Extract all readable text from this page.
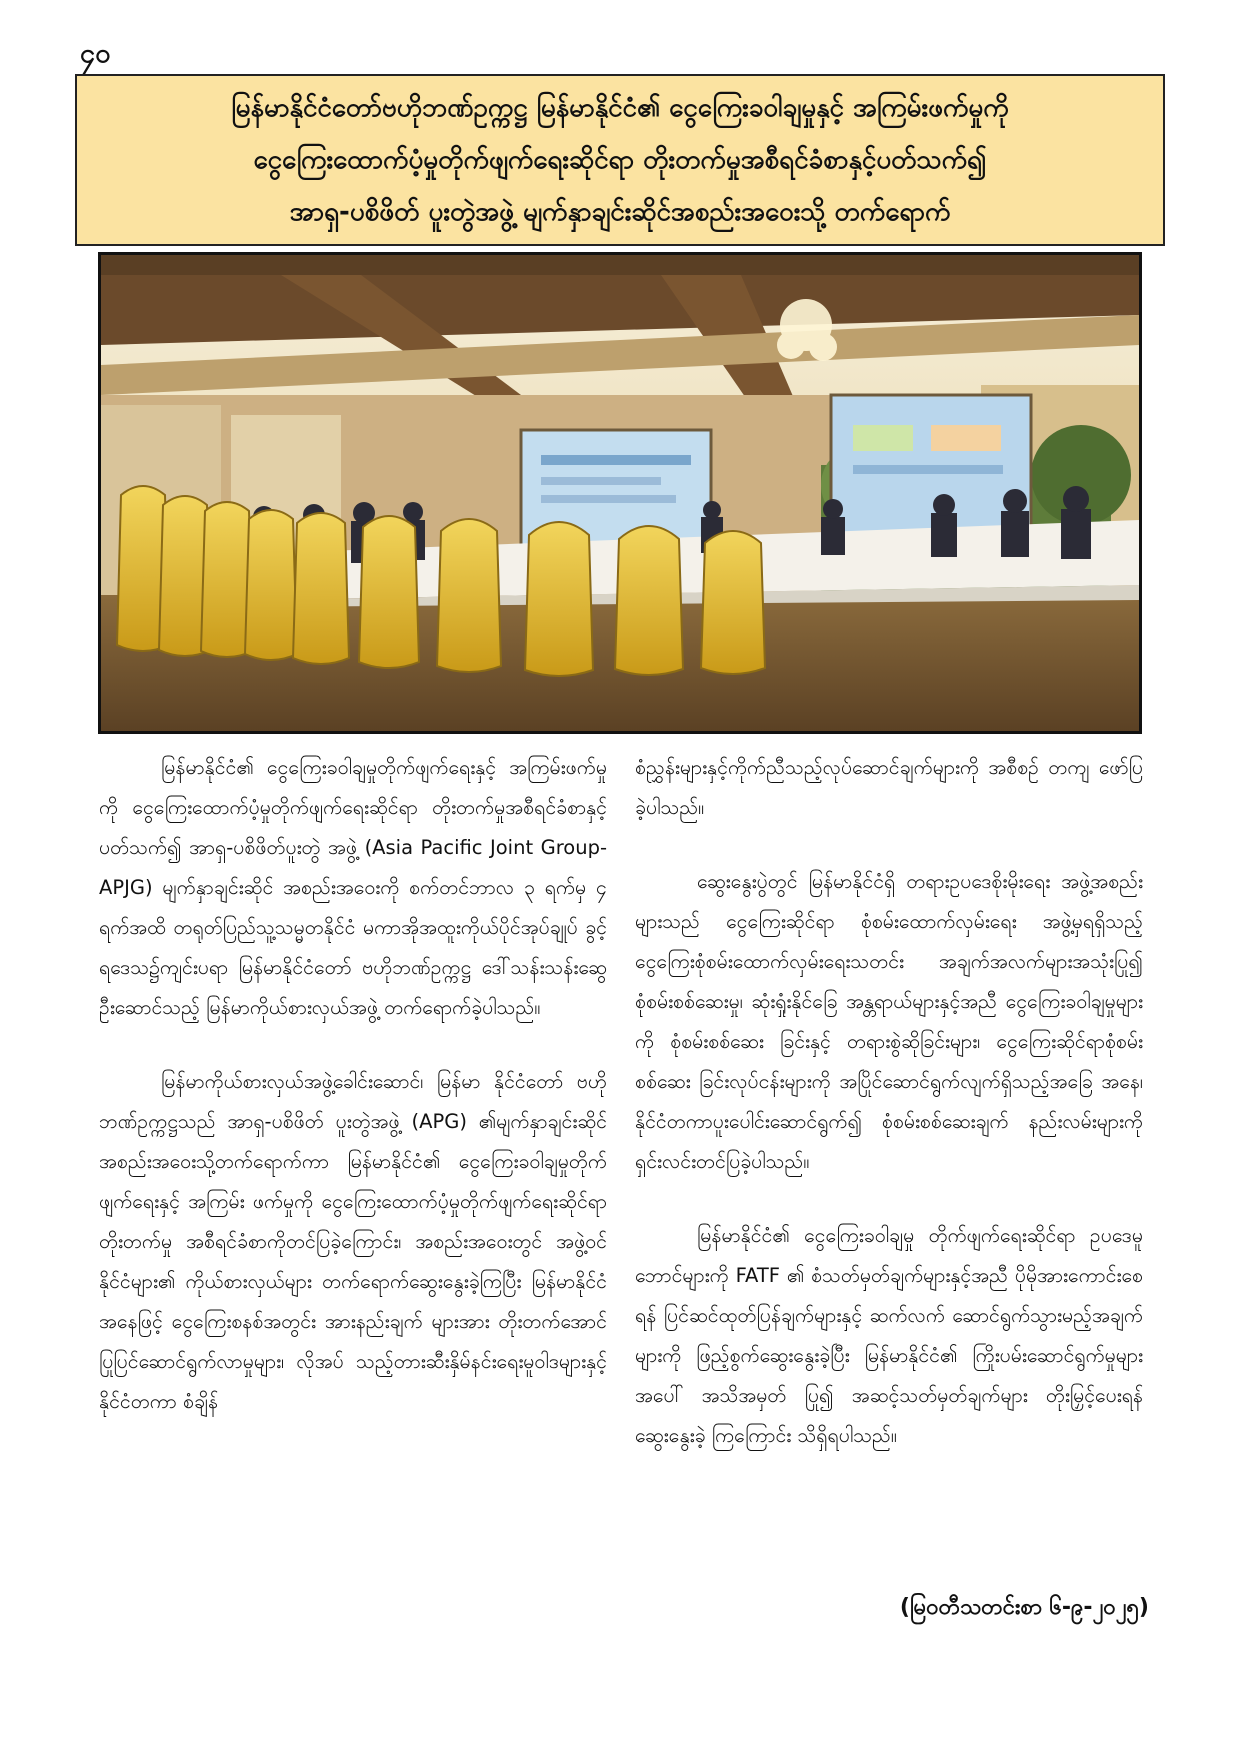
၄၀
မြန်မာနိုင်ငံတော်ဗဟိုဘဏ်ဥက္ကဋ္ဌ မြန်မာနိုင်ငံ၏ ငွေကြေးခဝါချမှုနှင့် အကြမ်းဖက်မှုကို
ငွေကြေးထောက်ပံ့မှုတိုက်ဖျက်ရေးဆိုင်ရာ တိုးတက်မှုအစီရင်ခံစာနှင့်ပတ်သက်၍
အာရှ-ပစိဖိတ် ပူးတွဲအဖွဲ့ မျက်နှာချင်းဆိုင်အစည်းအဝေးသို့ တက်ရောက်

မြန်မာနိုင်ငံ၏ ငွေကြေးခဝါချမှုတိုက်ဖျက်ရေးနှင့် အကြမ်းဖက်မှုကို ငွေကြေးထောက်ပံ့မှုတိုက်ဖျက်ရေးဆိုင်ရာ တိုးတက်မှုအစီရင်ခံစာနှင့်ပတ်သက်၍ အာရှ-ပစိဖိတ်ပူးတွဲ အဖွဲ့ (Asia Pacific Joint Group-APJG) မျက်နှာချင်းဆိုင် အစည်းအဝေးကို စက်တင်ဘာလ ၃ ရက်မှ ၄ ရက်အထိ တရုတ်ပြည်သူ့သမ္မတနိုင်ငံ မကာအိုအထူးကိုယ်ပိုင်အုပ်ချုပ် ခွင့်ရဒေသ၌ကျင်းပရာ မြန်မာနိုင်ငံတော် ဗဟိုဘဏ်ဥက္ကဋ္ဌ ဒေါ်သန်းသန်းဆွေဦးဆောင်သည့် မြန်မာကိုယ်စားလှယ်အဖွဲ့ တက်ရောက်ခဲ့ပါသည်။

မြန်မာကိုယ်စားလှယ်အဖွဲ့ခေါင်းဆောင်၊ မြန်မာ နိုင်ငံတော် ဗဟိုဘဏ်ဥက္ကဋ္ဌသည် အာရှ-ပစိဖိတ် ပူးတွဲအဖွဲ့ (APG) ၏မျက်နှာချင်းဆိုင်အစည်းအဝေးသို့တက်ရောက်ကာ မြန်မာနိုင်ငံ၏ ငွေကြေးခဝါချမှုတိုက်ဖျက်ရေးနှင့် အကြမ်း ဖက်မှုကို ငွေကြေးထောက်ပံ့မှုတိုက်ဖျက်ရေးဆိုင်ရာတိုးတက်မှု အစီရင်ခံစာကိုတင်ပြခဲ့ကြောင်း၊ အစည်းအဝေးတွင် အဖွဲ့ဝင် နိုင်ငံများ၏ ကိုယ်စားလှယ်များ တက်ရောက်ဆွေးနွေးခဲ့ကြပြီး မြန်မာနိုင်ငံအနေဖြင့် ငွေကြေးစနစ်အတွင်း အားနည်းချက် များအား တိုးတက်အောင်ပြုပြင်ဆောင်ရွက်လာမှုများ၊ လိုအပ် သည့်တားဆီးနှိမ်နင်းရေးမူဝါဒများနှင့် နိုင်ငံတကာ စံချိန်

စံညွှန်းများနှင့်ကိုက်ညီသည့်လုပ်ဆောင်ချက်များကို အစီစဉ် တကျ ဖော်ပြခဲ့ပါသည်။

ဆွေးနွေးပွဲတွင် မြန်မာနိုင်ငံရှိ တရားဥပဒေစိုးမိုးရေး အဖွဲ့အစည်းများသည် ငွေကြေးဆိုင်ရာ စုံစမ်းထောက်လှမ်းရေး အဖွဲ့မှရရှိသည့် ငွေကြေးစုံစမ်းထောက်လှမ်းရေးသတင်း အချက်အလက်များအသုံးပြု၍ စုံစမ်းစစ်ဆေးမှု၊ ဆုံးရှုံးနိုင်ခြေ အန္တရာယ်များနှင့်အညီ ငွေကြေးခဝါချမှုများကို စုံစမ်းစစ်ဆေး ခြင်းနှင့် တရားစွဲဆိုခြင်းများ၊ ငွေကြေးဆိုင်ရာစုံစမ်းစစ်ဆေး ခြင်းလုပ်ငန်းများကို အပြိုင်ဆောင်ရွက်လျက်ရှိသည့်အခြေ အနေ၊ နိုင်ငံတကာပူးပေါင်းဆောင်ရွက်၍ စုံစမ်းစစ်ဆေးချက် နည်းလမ်းများကို ရှင်းလင်းတင်ပြခဲ့ပါသည်။

မြန်မာနိုင်ငံ၏ ငွေကြေးခဝါချမှု တိုက်ဖျက်ရေးဆိုင်ရာ ဥပဒေမူဘောင်များကို FATF ၏ စံသတ်မှတ်ချက်များနှင့်အညီ ပိုမိုအားကောင်းစေရန် ပြင်ဆင်ထုတ်ပြန်ချက်များနှင့် ဆက်လက် ဆောင်ရွက်သွားမည့်အချက်များကို ဖြည့်စွက်ဆွေးနွေးခဲ့ပြီး မြန်မာနိုင်ငံ၏ ကြိုးပမ်းဆောင်ရွက်မှုများအပေါ် အသိအမှတ် ပြု၍ အဆင့်သတ်မှတ်ချက်များ တိုးမြှင့်ပေးရန် ဆွေးနွေးခဲ့ ကြကြောင်း သိရှိရပါသည်။

(မြဝတီသတင်းစာ ၆-၉-၂၀၂၅)
